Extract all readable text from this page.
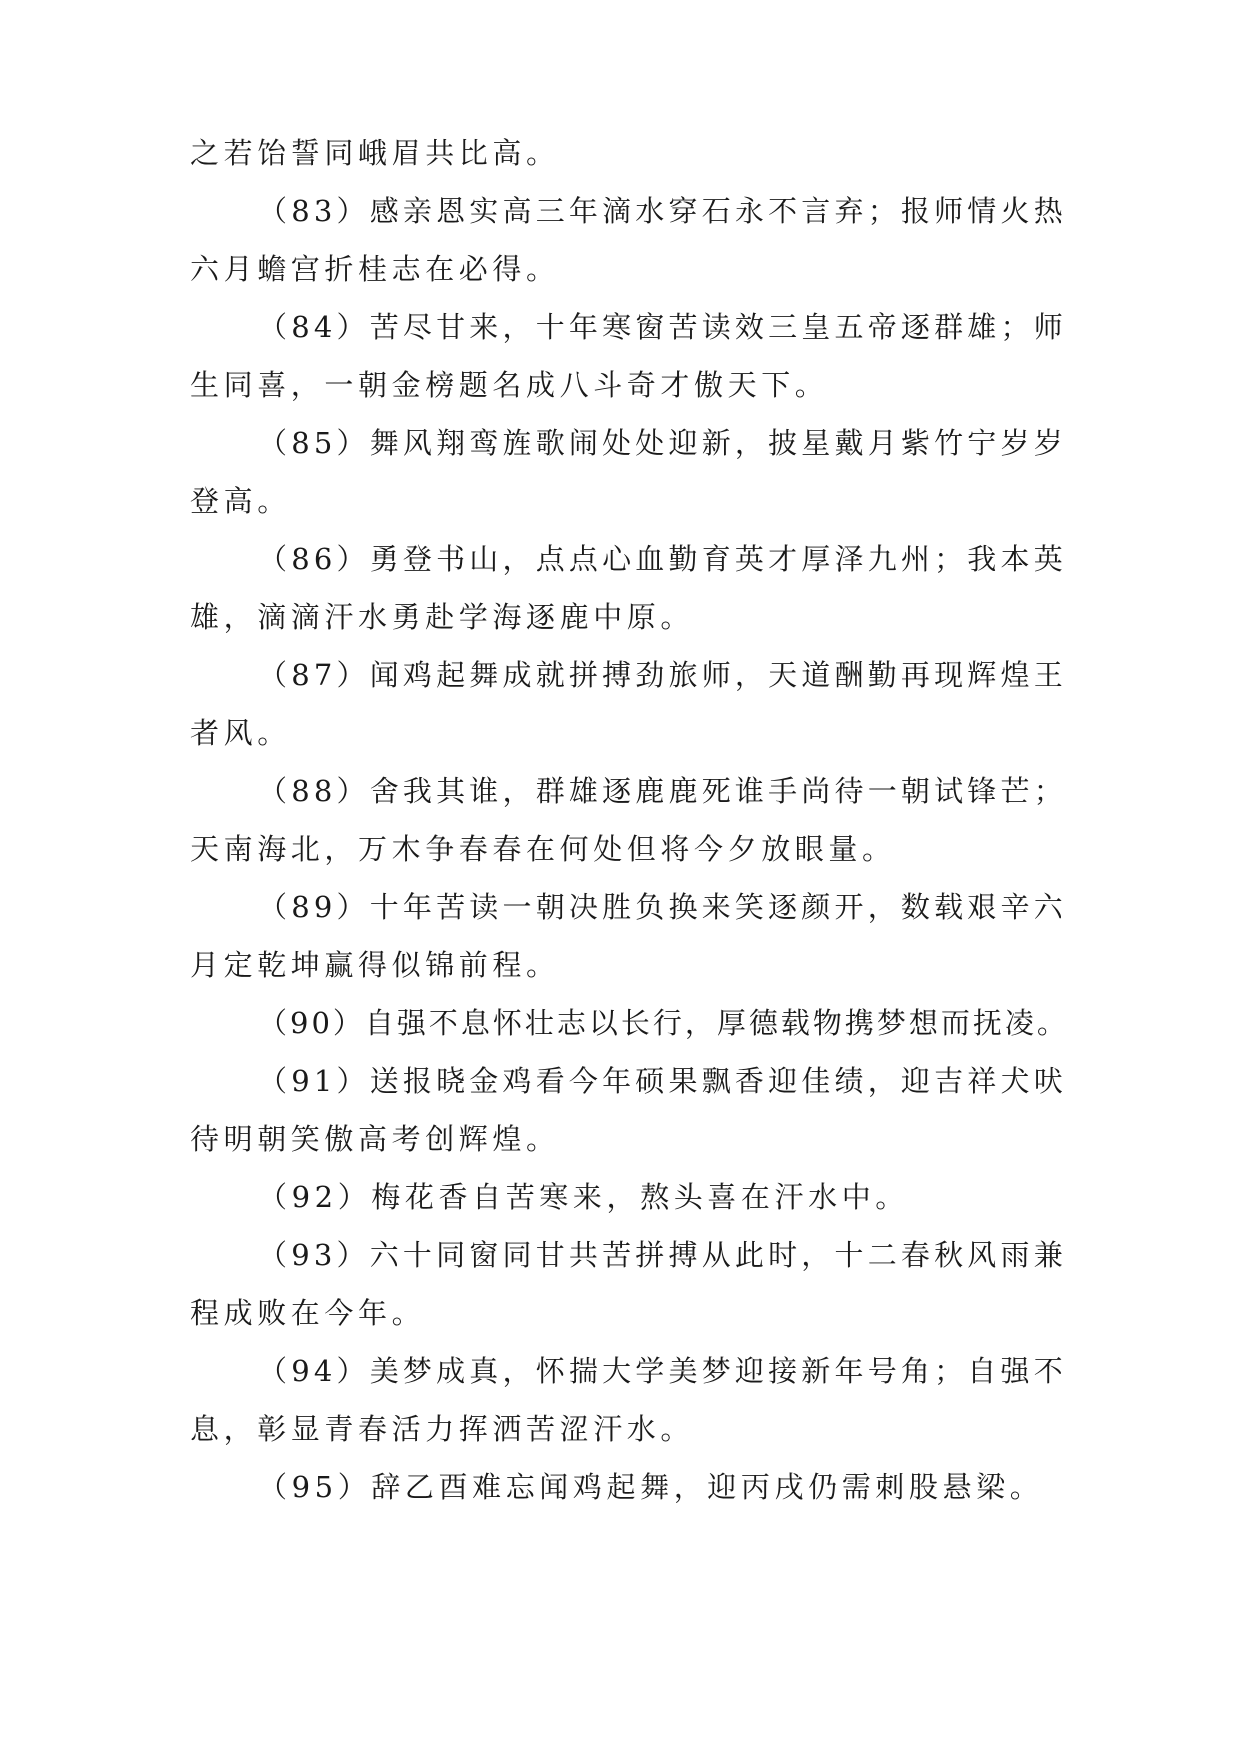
之若饴誓同峨眉共比高。
（83）感亲恩实高三年滴水穿石永不言弃；报师情火热
六月蟾宫折桂志在必得。
（84）苦尽甘来，十年寒窗苦读效三皇五帝逐群雄；师
生同喜，一朝金榜题名成八斗奇才傲天下。
（85）舞风翔鸾旌歌闹处处迎新，披星戴月紫竹宁岁岁
登高。
（86）勇登书山，点点心血勤育英才厚泽九州；我本英
雄，滴滴汗水勇赴学海逐鹿中原。
（87）闻鸡起舞成就拼搏劲旅师，天道酬勤再现辉煌王
者风。
（88）舍我其谁，群雄逐鹿鹿死谁手尚待一朝试锋芒；
天南海北，万木争春春在何处但将今夕放眼量。
（89）十年苦读一朝决胜负换来笑逐颜开，数载艰辛六
月定乾坤赢得似锦前程。
（90）自强不息怀壮志以长行，厚德载物携梦想而抚凌。
（91）送报晓金鸡看今年硕果飘香迎佳绩，迎吉祥犬吠
待明朝笑傲高考创辉煌。
（92）梅花香自苦寒来，熬头喜在汗水中。
（93）六十同窗同甘共苦拼搏从此时，十二春秋风雨兼
程成败在今年。
（94）美梦成真，怀揣大学美梦迎接新年号角；自强不
息，彰显青春活力挥洒苦涩汗水。
（95）辞乙酉难忘闻鸡起舞，迎丙戌仍需刺股悬梁。
